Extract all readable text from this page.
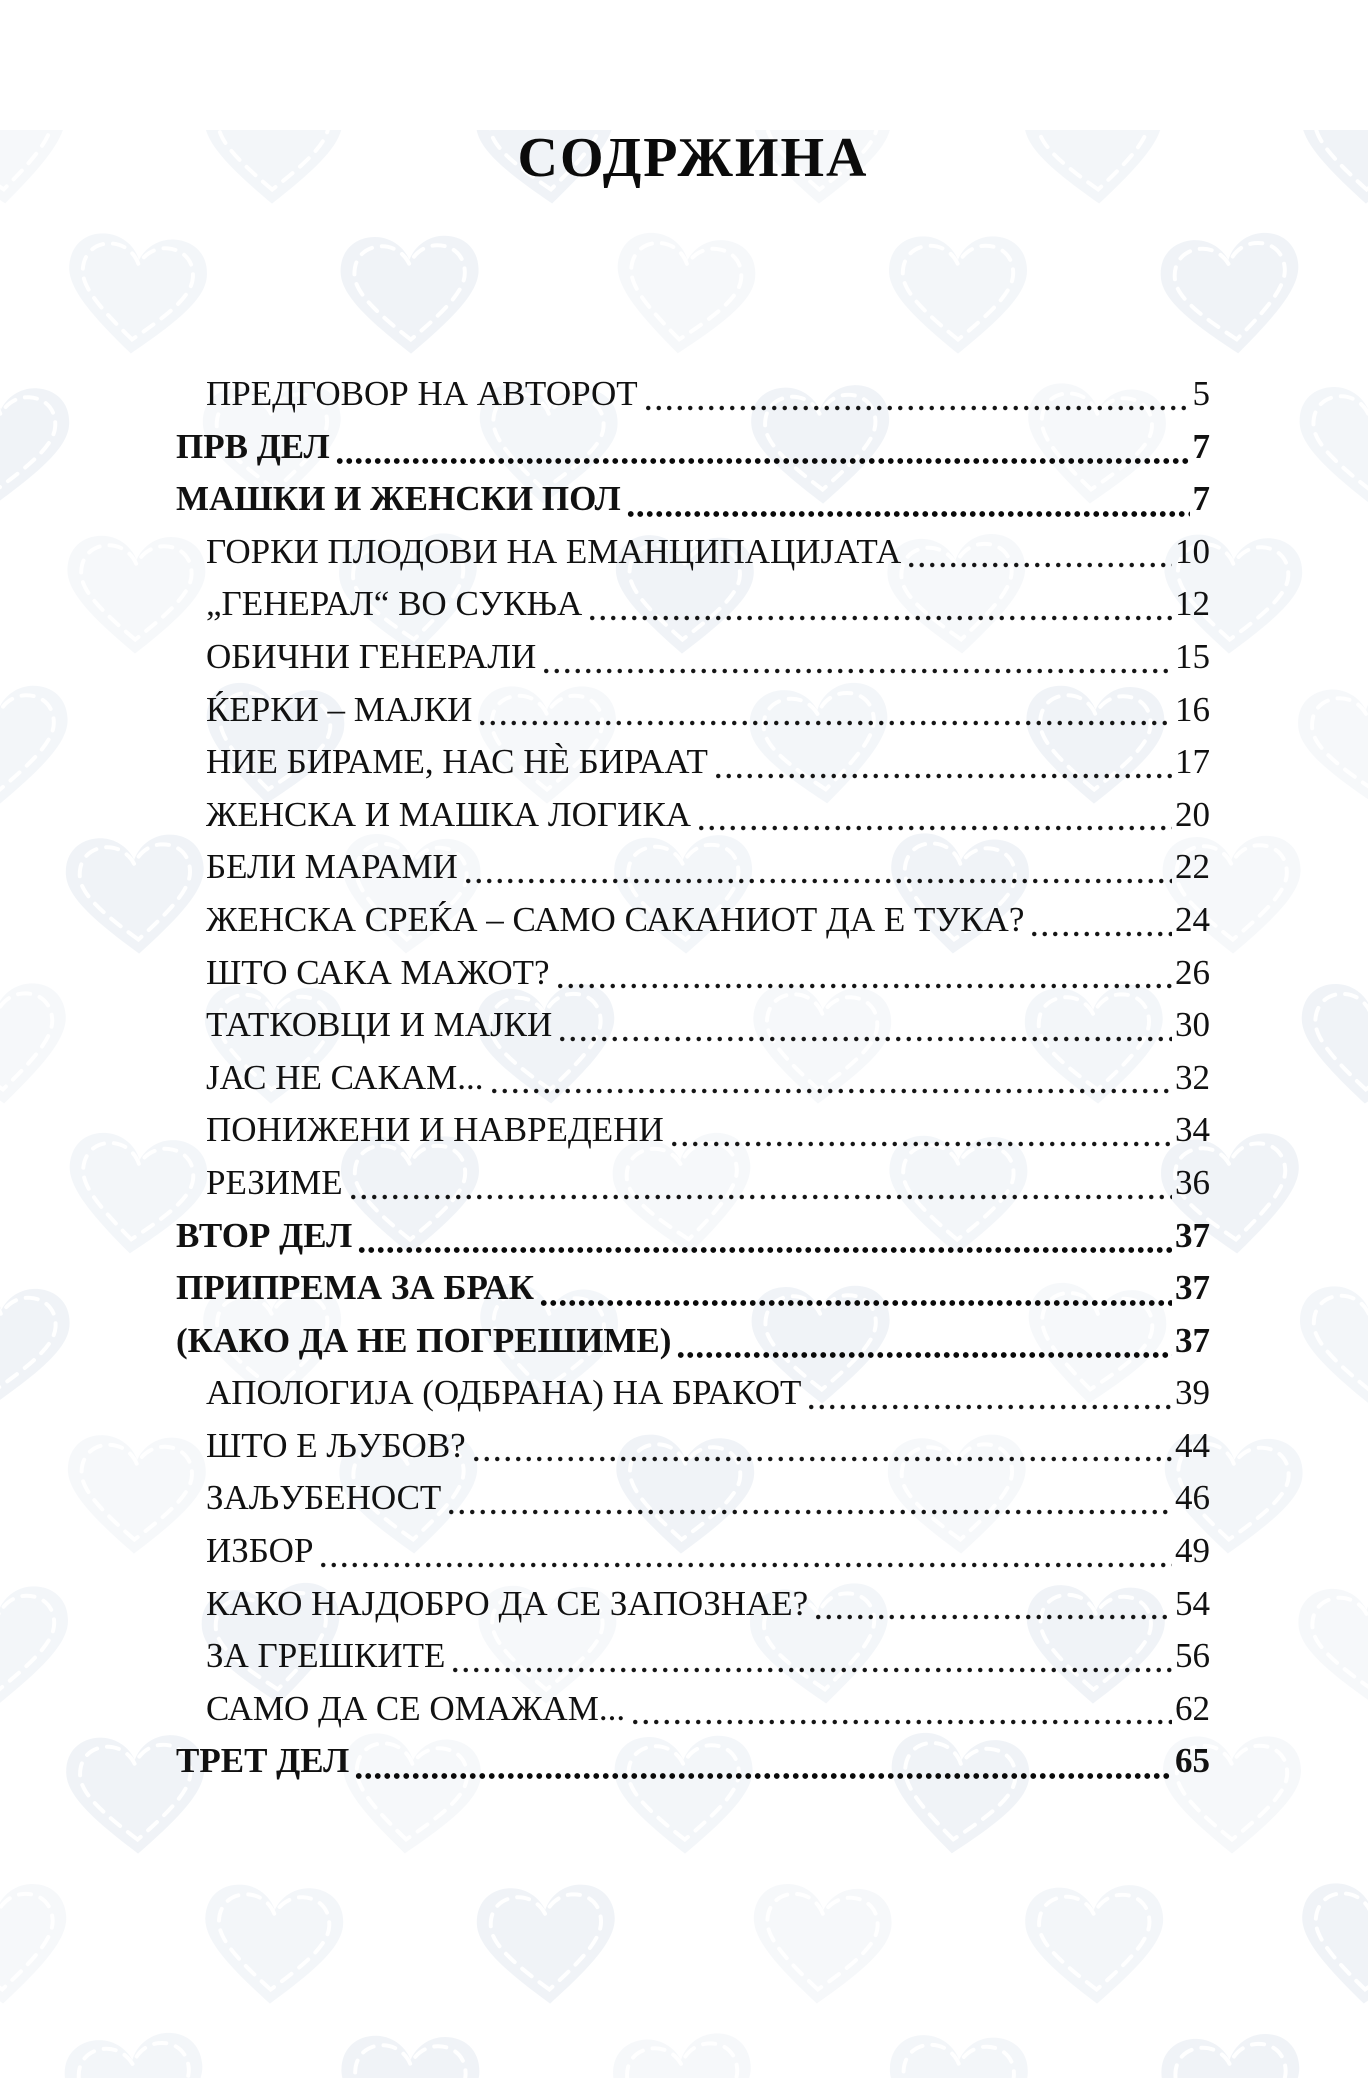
СОДРЖИНА
ПРЕДГОВОР НА АВТОРОТ	5
ПРВ ДЕЛ	7
МАШКИ И ЖЕНСКИ ПОЛ	7
ГОРКИ ПЛОДОВИ НА ЕМАНЦИПАЦИЈАТА	10
„ГЕНЕРАЛ“ ВО СУКЊА	12
ОБИЧНИ ГЕНЕРАЛИ	15
ЌЕРКИ – МАЈКИ	16
НИЕ БИРАМЕ, НАС НЀ БИРААТ	17
ЖЕНСКА И МАШКА ЛОГИКА	20
БЕЛИ МАРАМИ	22
ЖЕНСКА СРЕЌА – САМО САКАНИОТ ДА Е ТУКА?	24
ШТО САКА МАЖОТ?	26
ТАТКОВЦИ И МАЈКИ	30
ЈАС НЕ САКАМ...	32
ПОНИЖЕНИ И НАВРЕДЕНИ	34
РЕЗИМЕ	36
ВТОР ДЕЛ	37
ПРИПРЕМА ЗА БРАК	37
(КАКО ДА НЕ ПОГРЕШИМЕ)	37
АПОЛОГИЈА (ОДБРАНА) НА БРАКОТ	39
ШТО Е ЉУБОВ?	44
ЗАЉУБЕНОСТ	46
ИЗБОР	49
КАКО НАЈДОБРО ДА СЕ ЗАПОЗНАЕ?	54
ЗА ГРЕШКИТЕ	56
САМО ДА СЕ ОМАЖАМ...	62
ТРЕТ ДЕЛ	65
